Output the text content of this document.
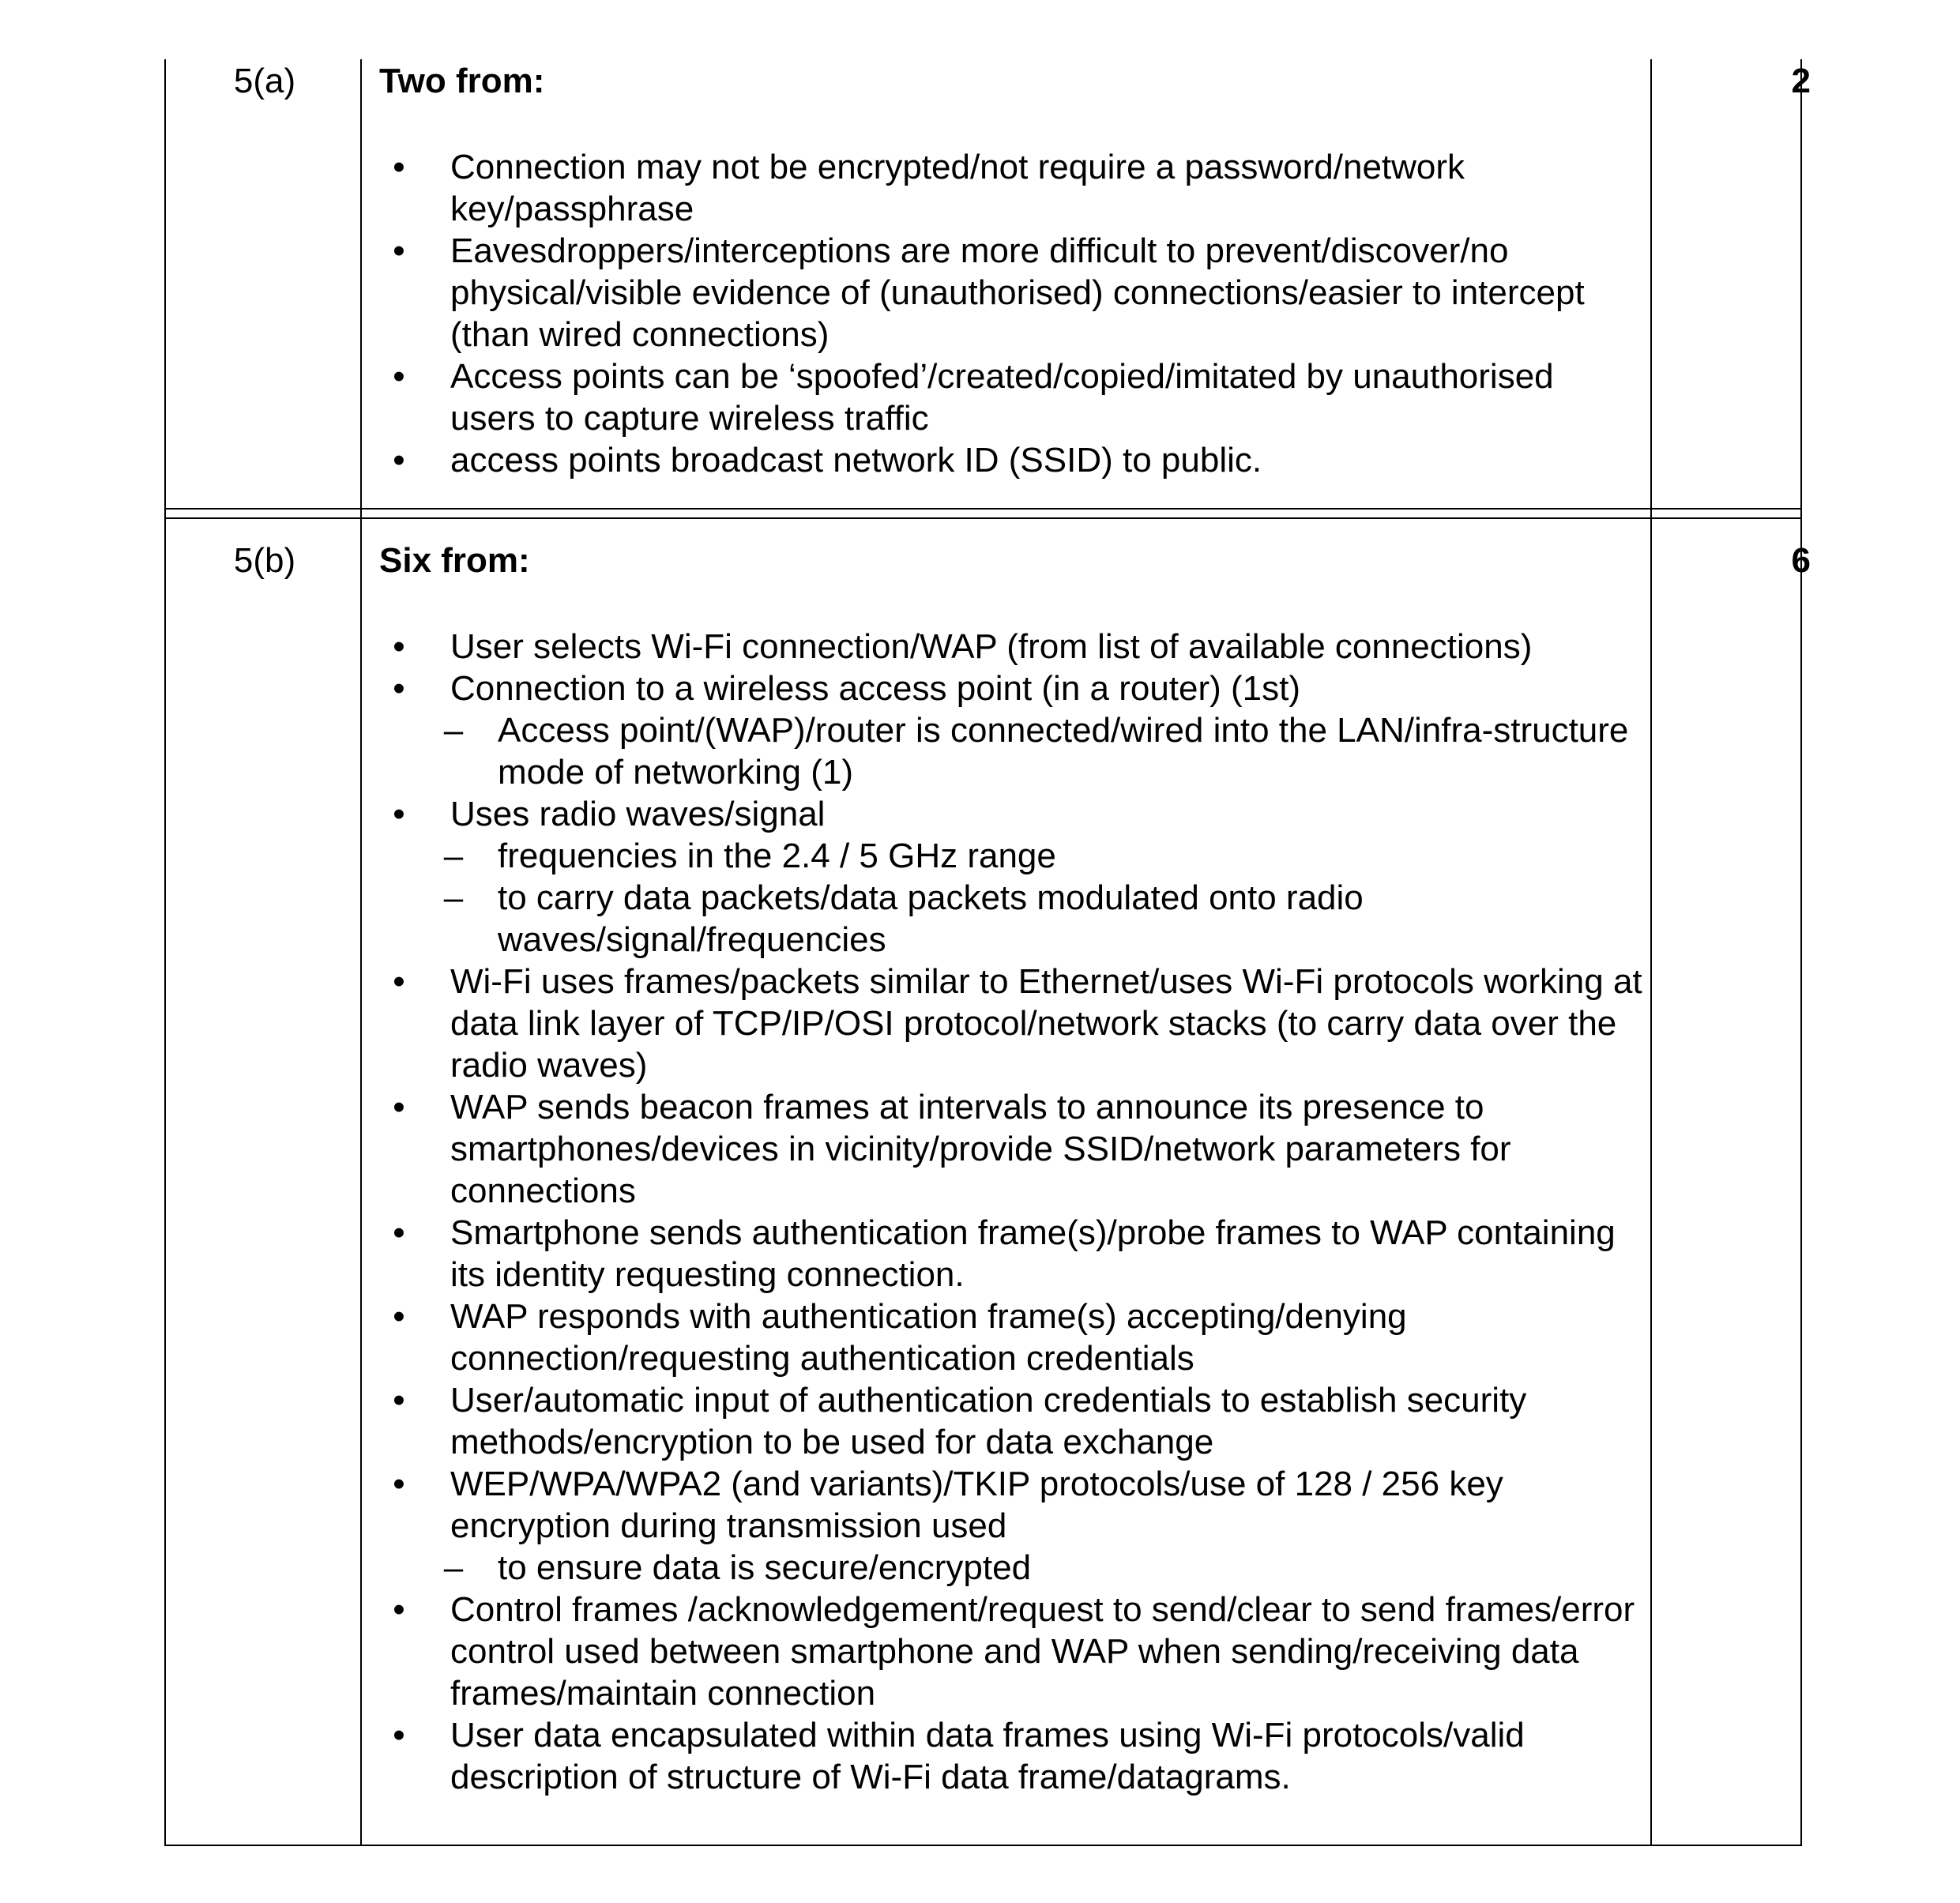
5(a)	Two from:	2
• Connection may not be encrypted/not require a password/network key/passphrase
• Eavesdroppers/interceptions are more difficult to prevent/discover/no physical/visible evidence of (unauthorised) connections/easier to intercept (than wired connections)
• Access points can be ‘spoofed’/created/copied/imitated by unauthorised users to capture wireless traffic
• access points broadcast network ID (SSID) to public.
5(b)	Six from:	6
• User selects Wi-Fi connection/WAP (from list of available connections)
• Connection to a wireless access point (in a router) (1st)
– Access point/(WAP)/router is connected/wired into the LAN/infra-structure mode of networking (1)
• Uses radio waves/signal
– frequencies in the 2.4 / 5 GHz range
– to carry data packets/data packets modulated onto radio waves/signal/frequencies
• Wi-Fi uses frames/packets similar to Ethernet/uses Wi-Fi protocols working at data link layer of TCP/IP/OSI protocol/network stacks (to carry data over the radio waves)
• WAP sends beacon frames at intervals to announce its presence to smartphones/devices in vicinity/provide SSID/network parameters for connections
• Smartphone sends authentication frame(s)/probe frames to WAP containing its identity requesting connection.
• WAP responds with authentication frame(s) accepting/denying connection/requesting authentication credentials
• User/automatic input of authentication credentials to establish security methods/encryption to be used for data exchange
• WEP/WPA/WPA2 (and variants)/TKIP protocols/use of 128 / 256 key encryption during transmission used
– to ensure data is secure/encrypted
• Control frames /acknowledgement/request to send/clear to send frames/error control used between smartphone and WAP when sending/receiving data frames/maintain connection
• User data encapsulated within data frames using Wi-Fi protocols/valid description of structure of Wi-Fi data frame/datagrams.
